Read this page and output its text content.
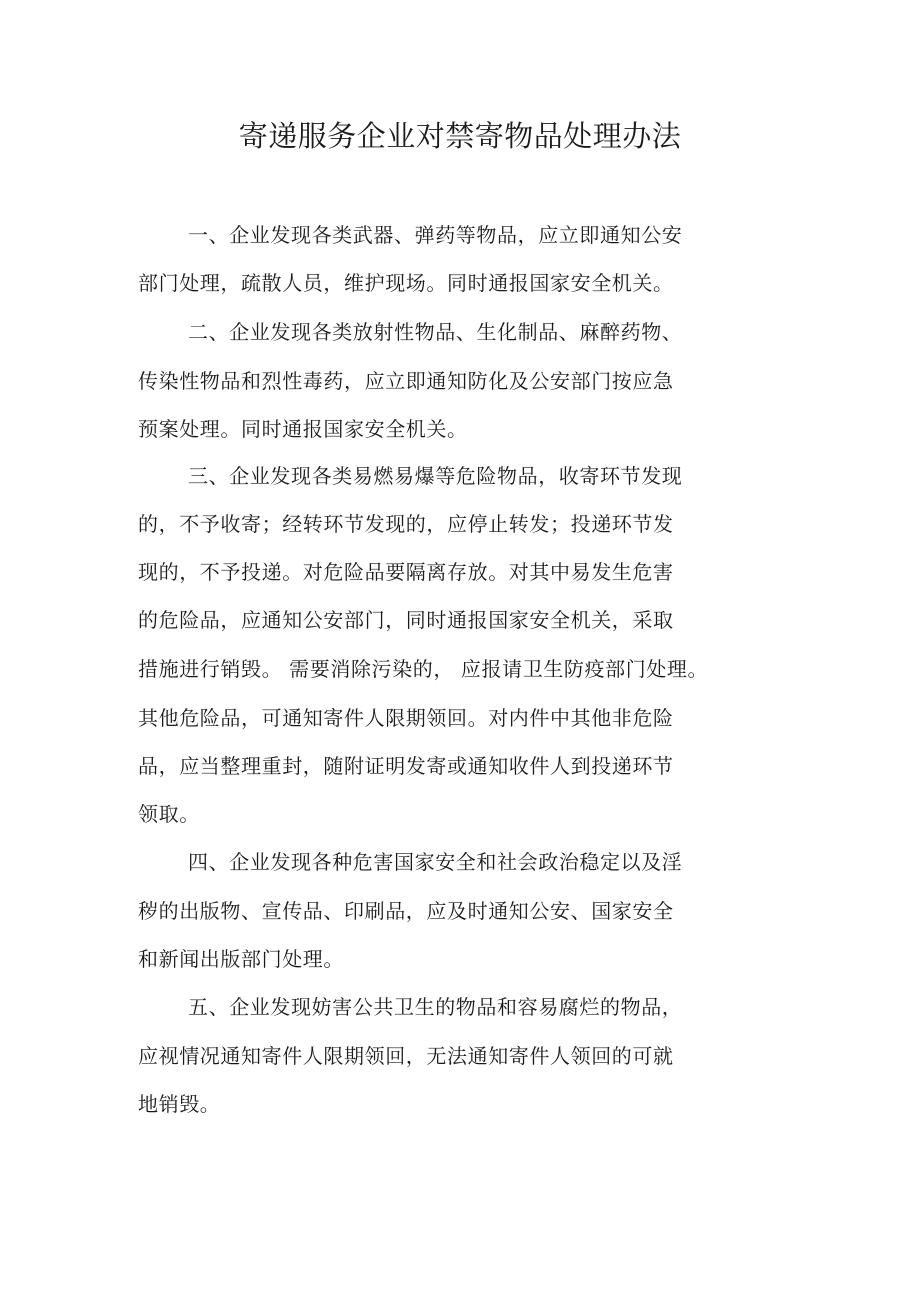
寄递服务企业对禁寄物品处理办法
一、企业发现各类武器、弹药等物品，应立即通知公安
部门处理，疏散人员，维护现场。同时通报国家安全机关。
二、企业发现各类放射性物品、生化制品、麻醉药物、
传染性物品和烈性毒药，应立即通知防化及公安部门按应急
预案处理。同时通报国家安全机关。
三、企业发现各类易燃易爆等危险物品，收寄环节发现
的，不予收寄；经转环节发现的，应停止转发；投递环节发
现的，不予投递。对危险品要隔离存放。对其中易发生危害
的危险品，应通知公安部门，同时通报国家安全机关，采取
措施进行销毁。 需要消除污染的， 应报请卫生防疫部门处理。
其他危险品，可通知寄件人限期领回。对内件中其他非危险
品，应当整理重封，随附证明发寄或通知收件人到投递环节
领取。
四、企业发现各种危害国家安全和社会政治稳定以及淫
秽的出版物、宣传品、印刷品，应及时通知公安、国家安全
和新闻出版部门处理。
五、企业发现妨害公共卫生的物品和容易腐烂的物品，
应视情况通知寄件人限期领回，无法通知寄件人领回的可就
地销毁。
